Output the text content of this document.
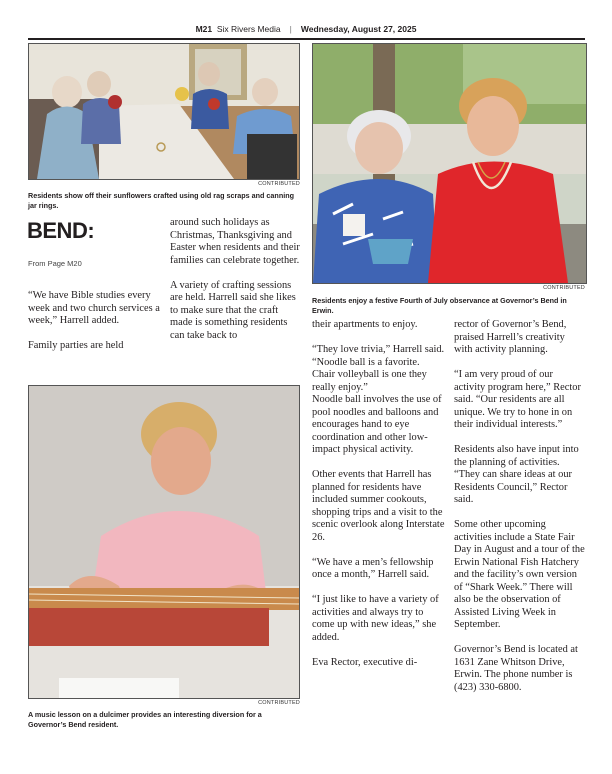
M21 Six Rivers Media | Wednesday, August 27, 2025
CONTRIBUTED
Residents show off their sunflowers crafted using old rag scraps and canning jar rings.
CONTRIBUTED
Residents enjoy a festive Fourth of July observance at Governor’s Bend in Erwin.
BEND:
From Page M20

“We have Bible studies every week and two church services a week,” Harrell added.

Family parties are held

around such holidays as Christmas, Thanksgiving and Easter when residents and their families can celebrate together.

A variety of crafting sessions are held. Harrell said she likes to make sure that the craft made is something residents can take back to

CONTRIBUTED
A music lesson on a dulcimer provides an interesting diversion for a Governor’s Bend resident.

their apartments to enjoy.

“They love trivia,” Harrell said. “Noodle ball is a favorite. Chair volleyball is one they really enjoy.”

Noodle ball involves the use of pool noodles and balloons and encourages hand to eye coordination and other low-impact physical activity.

Other events that Harrell has planned for residents have included summer cookouts, shopping trips and a visit to the scenic overlook along Interstate 26.

“We have a men’s fellowship once a month,” Harrell said.

“I just like to have a variety of activities and always try to come up with new ideas,” she added.

Eva Rector, executive di-

rector of Governor’s Bend, praised Harrell’s creativity with activity planning.

“I am very proud of our activity program here,” Rector said. “Our residents are all unique. We try to hone in on their individual interests.”

Residents also have input into the planning of activities. “They can share ideas at our Residents Council,” Rector said.

Some other upcoming activities include a State Fair Day in August and a tour of the Erwin National Fish Hatchery and the facility’s own version of “Shark Week.” There will also be the observation of Assisted Living Week in September.

Governor’s Bend is located at 1631 Zane Whitson Drive, Erwin. The phone number is (423) 330-6800.
